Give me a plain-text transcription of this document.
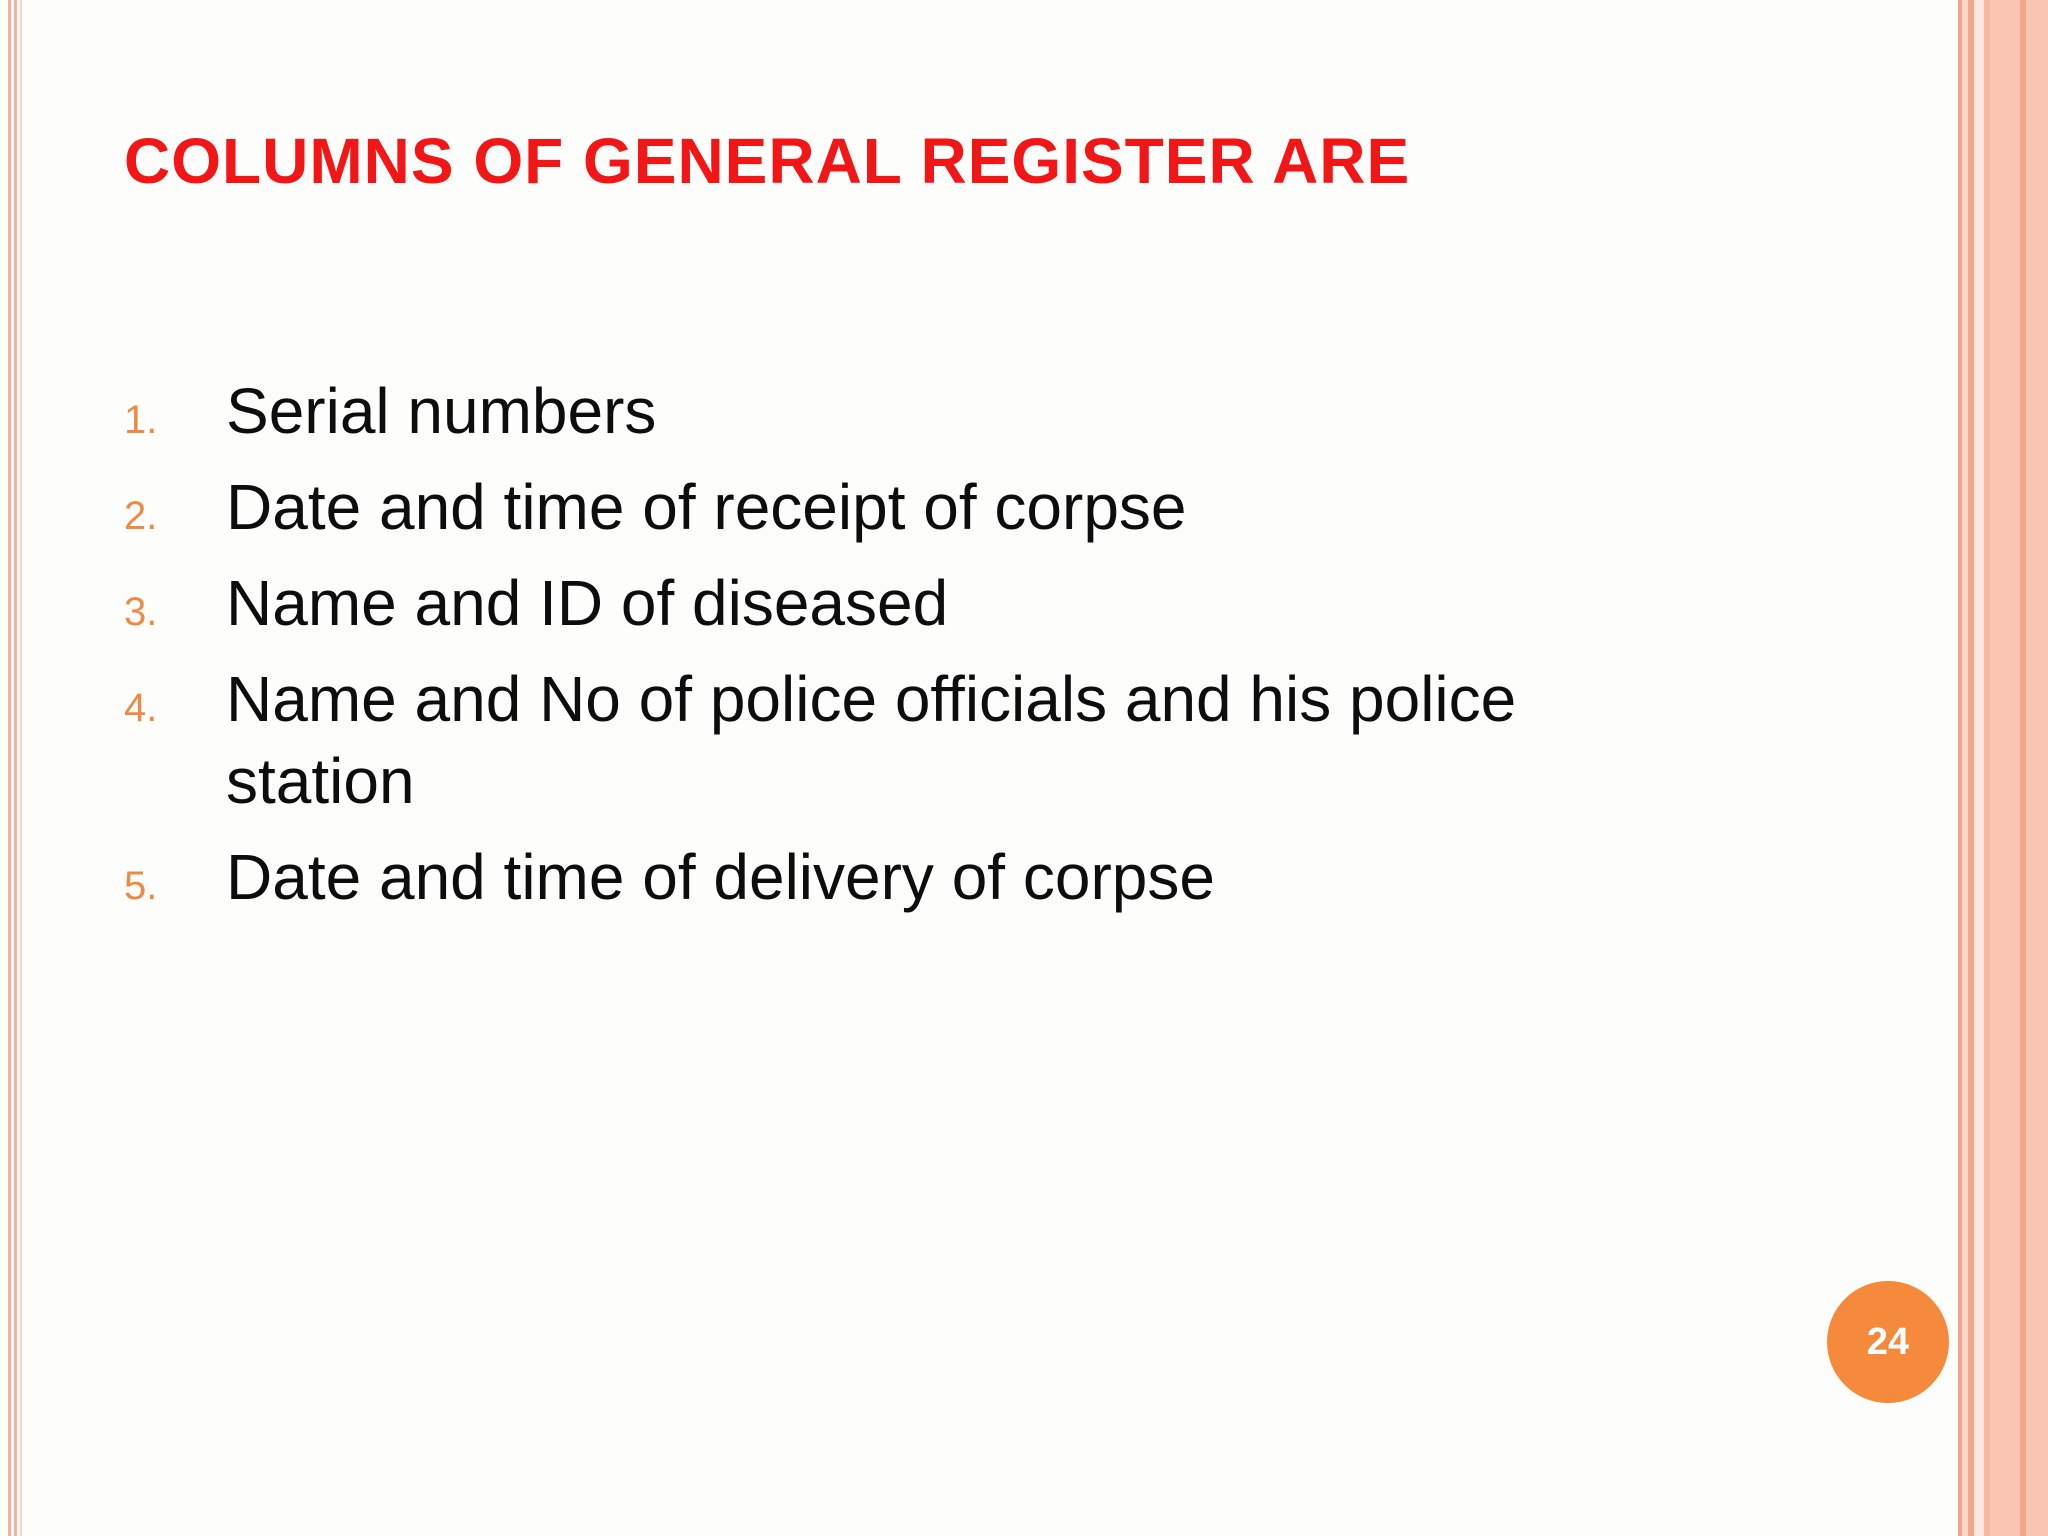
COLUMNS OF GENERAL REGISTER ARE
1.	Serial numbers
2.	Date and time of receipt of corpse
3.	Name and ID of diseased
4.	Name and No of police officials and his police station
5.	Date and time of delivery of corpse
24
